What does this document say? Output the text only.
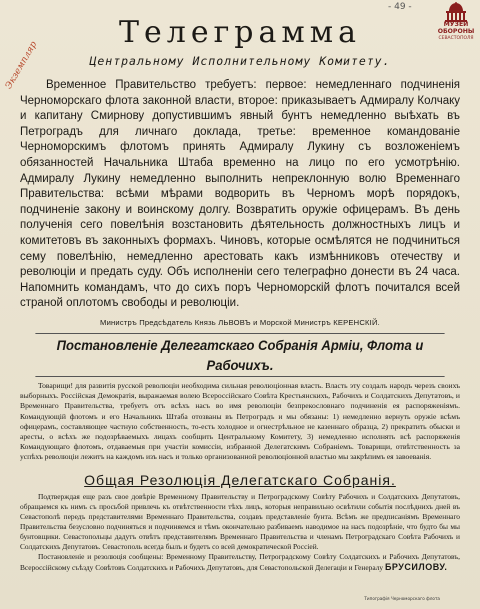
- 49 -
МУЗЕЙ
ОБОРОНЫ
СЕВАСТОПОЛЯ
Экземпляр
Телеграмма
Центральному Исполнительному Комитету.
Временное Правительство требуетъ: первое: немедленнаго подчиненія Черноморскаго флота законной власти, второе: приказываетъ Адмиралу Колчаку и капитану Смирнову допустившимъ явный бунтъ немедленно выѣхать въ Петроградъ для личнаго доклада, третье: временное командованіе Черноморскимъ флотомъ принять Адмиралу Лукину съ возложеніемъ обязанностей Начальника Штаба временно на лицо по его усмотрѣнію. Адмиралу Лукину немедленно выполнить непреклонную волю Временнаго Правительства: всѣми мѣрами водворить въ Черномъ морѣ порядокъ, подчиненіе закону и воинскому долгу. Возвратить оружіе офицерамъ. Въ день полученія сего повелѣнія возстановить дѣятельность должностныхъ лицъ и комитетовъ въ законныхъ формахъ. Чиновъ, которые осмѣлятся не подчиниться сему повелѣнію, немедленно арестовать какъ измѣнниковъ отечеству и революціи и предать суду. Объ исполненіи сего телеграфно донести въ 24 часа. Напомнить командамъ, что до сихъ поръ Черноморскій флотъ почитался всей страной оплотомъ свободы и революціи.
Министръ Предсѣдатель Князь ЛЬВОВЪ и Морской Министръ КЕРЕНСКІЙ.
Постановленіе Делегатскаго Собранія Арміи, Флота и Рабочихъ.
Товарищи! для развитія русской революціи необходима сильная революціонная власть. Власть эту создалъ народъ черезъ своихъ выборныхъ. Россійская Демократія, выражаемая волею Всероссійскаго Совѣта Крестьянскихъ, Рабочихъ и Солдатскихъ Депутатовъ, и Временнаго Правительства, требуетъ отъ всѣхъ насъ во имя революціи безпрекословнаго подчиненія ея распоряженіямъ. Командующій флотомъ и его Начальникъ Штаба отозваны въ Петроградъ и мы обязаны: 1) немедленно вернуть оружіе всѣмъ офицерамъ, составляющее частную собственность, то-есть холодное и огнестрѣльное не казеннаго образца, 2) прекратить обыски и аресты, о всѣхъ же подозрѣваемыхъ лицахъ сообщить Центральному Комитету, 3) немедленно исполнять всѣ распоряженія Командующаго флотомъ, отдаваемыя при участіи комиссіи, избранной Делегатскимъ Собраніемъ. Товарищи, отвѣтственность за успѣхъ революціи лежитъ на каждомъ изъ насъ и только организованной революціонной властью мы закрѣпимъ ея завоеванія.
Общая Резолюція Делегатскаго Собранія.

Подтверждая еще разъ свое довѣріе Временному Правительству и Петроградскому Совѣту Рабочихъ и Солдатскихъ Депутатовъ, обращаемся къ нимъ съ просьбой привлечь къ отвѣтственности тѣхъ лицъ, которыя неправильно освѣтили событія послѣднихъ дней въ Севастополѣ передъ представителями Временнаго Правительства, создавъ представленіе бунта. Всѣмъ же предписаніямъ Временнаго Правительства безусловно подчиняться и подчиняемся и тѣмъ окончательно разбиваемъ наводимое на насъ подозрѣніе, что будто бы мы бунтовщики. Севастопольцы дадутъ отвѣтъ представителямъ Временнаго Правительства и членамъ Петроградскаго Совѣта Рабочихъ и Солдатскихъ Депутатовъ. Севастополь всегда былъ и будетъ со всей демократической Россіей.

Постановленіе и резолюція сообщены: Временному Правительству, Петроградскому Совѣту Солдатскихъ и Рабочихъ Депутатовъ, Всероссійскому съѣзду Совѣтовъ Солдатскихъ и Рабочихъ Депутатовъ, для Севастопольской Делегаціи и Генералу БРУСИЛОВУ.
Типографія Черноморскаго флота
